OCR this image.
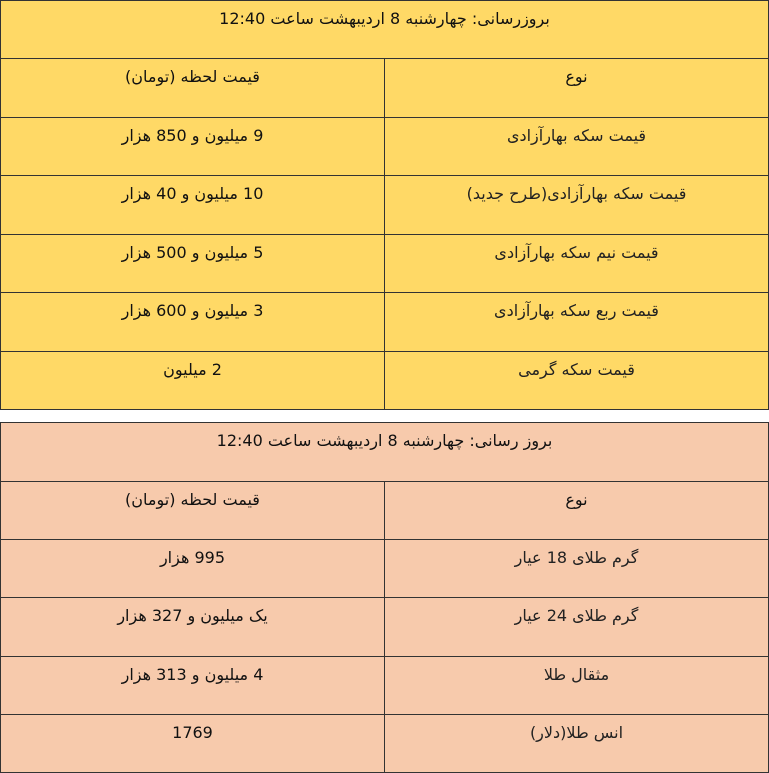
بروزرسانی: چهارشنبه 8 اردیبهشت ساعت 12:40	
نوع	قیمت لحظه (تومان)
قیمت سکه بهارآزادی	9 میلیون و 850 هزار
قیمت سکه بهارآزادی(طرح جدید)	10 میلیون و 40 هزار
قیمت نیم سکه بهارآزادی	5 میلیون و 500 هزار
قیمت ربع سکه بهارآزادی	3 میلیون و 600 هزار
قیمت سکه گرمی	2 میلیون
بروز رسانی: چهارشنبه 8 اردیبهشت ساعت 12:40	
نوع	قیمت لحظه (تومان)
گرم طلای 18 عیار	995 هزار
گرم طلای 24 عیار	یک میلیون و 327 هزار
مثقال طلا	4 میلیون و 313 هزار
انس طلا(دلار)	1769
